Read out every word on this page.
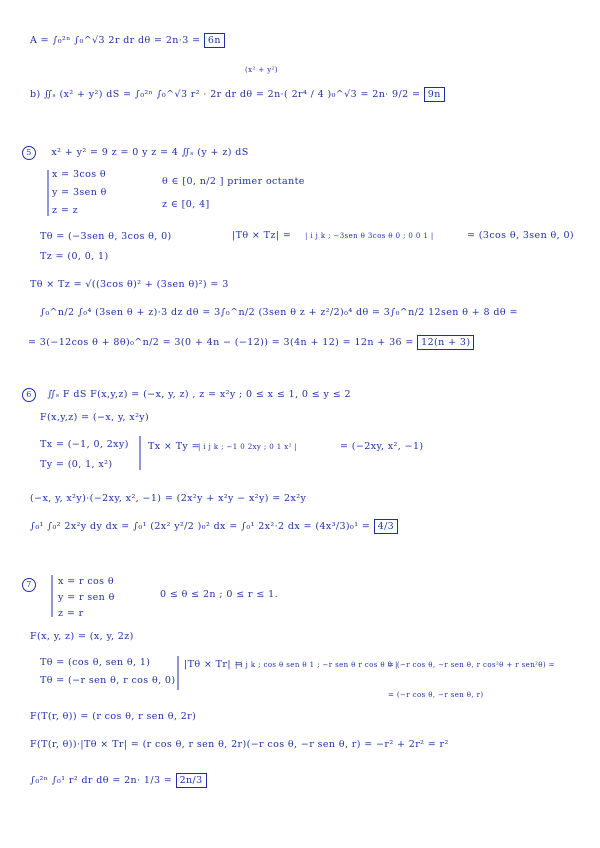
A = ∫₀²ⁿ ∫₀^√3 2r dr dθ = 2n·3 = 6n
(x² + y²)
b) ∬ₛ (x² + y²) dS = ∫₀²ⁿ ∫₀^√3 r² · 2r dr dθ = 2n·( 2r⁴ / 4 )₀^√3 = 2n· 9/2 = 9n
5 x² + y² = 9 z = 0 y z = 4 ∬ₛ (y + z) dS
x = 3cos θ
y = 3sen θ
z = z
θ ∈ [0, n/2 ] primer octante
z ∈ [0, 4]
Tθ = (−3sen θ, 3cos θ, 0)
Tz = (0, 0, 1)
|Tθ × Tz| = | i j k ; −3sen θ 3cos θ 0 ; 0 0 1 |	= (3cos θ, 3sen θ, 0)
Tθ × Tz = √((3cos θ)² + (3sen θ)²) = 3
∫₀^n/2 ∫₀⁴ (3sen θ + z)·3 dz dθ = 3∫₀^n/2 (3sen θ z + z²/2)₀⁴ dθ = 3∫₀^n/2 12sen θ + 8 dθ =
= 3(−12cos θ + 8θ)₀^n/2 = 3(0 + 4n − (−12)) = 3(4n + 12) = 12n + 36 = 12(n + 3)
6 ∬ₛ F dS F(x,y,z) = (−x, y, z) , z = x²y ; 0 ≤ x ≤ 1, 0 ≤ y ≤ 2
F(x,y,z) = (−x, y, x²y)
Tx = (−1, 0, 2xy)
Ty = (0, 1, x²)
Tx × Ty =
| i j k ; −1 0 2xy ; 0 1 x² |	= (−2xy, x², −1)
(−x, y, x²y)·(−2xy, x², −1) = (2x²y + x²y − x²y) = 2x²y
∫₀¹ ∫₀² 2x²y dy dx = ∫₀¹ (2x² y²/2 )₀² dx = ∫₀¹ 2x²·2 dx = (4x³/3)₀¹ = 4/3
7	x = r cos θ
y = r sen θ
z = r
0 ≤ θ ≤ 2n ; 0 ≤ r ≤ 1.
F(x, y, z) = (x, y, 2z)
Tθ = (cos θ, sen θ, 1)
Tθ = (−r sen θ, r cos θ, 0)
|Tθ × Tr| =
| i j k ; cos θ sen θ 1 ; −r sen θ r cos θ 0 |
= (−r cos θ, −r sen θ, r cos²θ + r sen²θ) =
= (−r cos θ, −r sen θ, r)
F(T(r, θ)) = (r cos θ, r sen θ, 2r)
F(T(r, θ))·|Tθ × Tr| = (r cos θ, r sen θ, 2r)(−r cos θ, −r sen θ, r) = −r² + 2r² = r²
∫₀²ⁿ ∫₀¹ r² dr dθ = 2n· 1/3 = 2n/3
